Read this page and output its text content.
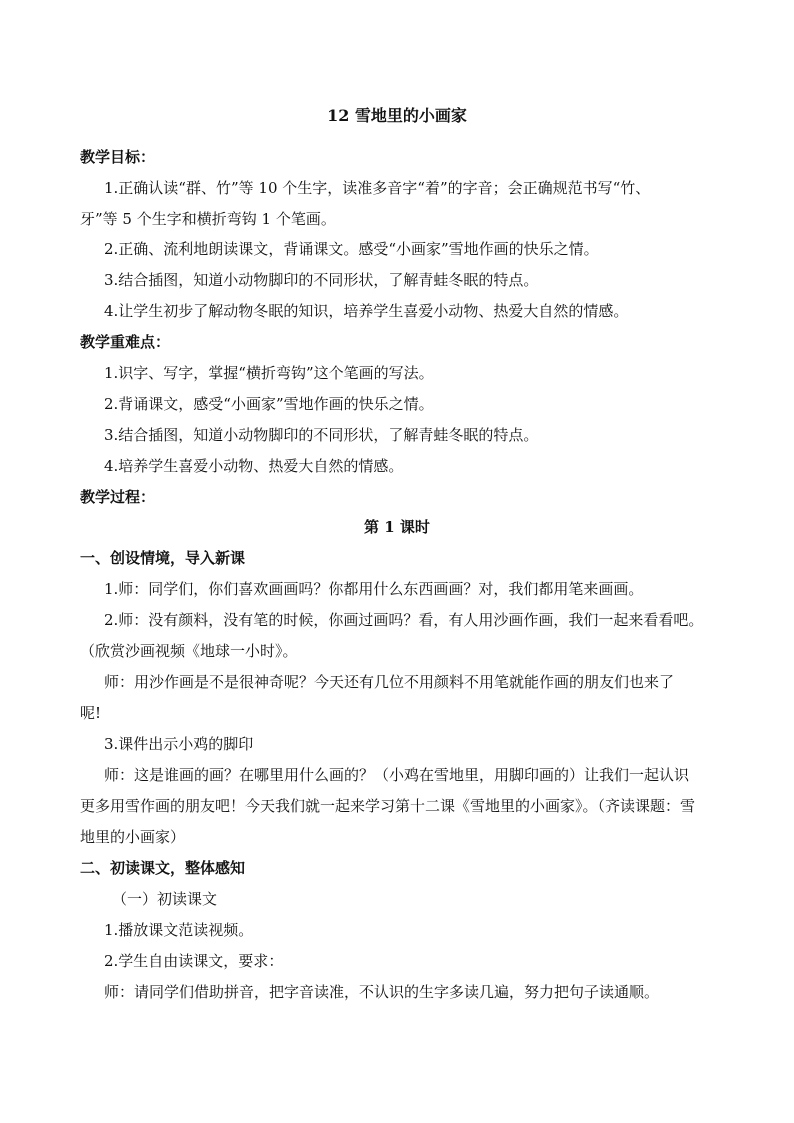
12 雪地里的小画家
教学目标：
1.正确认读“群、竹”等 10 个生字，读准多音字“着”的字音；会正确规范书写“竹、
牙”等 5 个生字和横折弯钩 1 个笔画。
2.正确、流利地朗读课文，背诵课文。感受“小画家”雪地作画的快乐之情。
3.结合插图，知道小动物脚印的不同形状，了解青蛙冬眠的特点。
4.让学生初步了解动物冬眠的知识，培养学生喜爱小动物、热爱大自然的情感。
教学重难点：
1.识字、写字，掌握“横折弯钩”这个笔画的写法。
2.背诵课文，感受“小画家”雪地作画的快乐之情。
3.结合插图，知道小动物脚印的不同形状，了解青蛙冬眠的特点。
4.培养学生喜爱小动物、热爱大自然的情感。
教学过程：
第 1 课时
一、创设情境，导入新课
1.师：同学们，你们喜欢画画吗？你都用什么东西画画？对，我们都用笔来画画。
2.师：没有颜料，没有笔的时候，你画过画吗？看，有人用沙画作画，我们一起来看看吧。
（欣赏沙画视频《地球一小时》。
师：用沙作画是不是很神奇呢？今天还有几位不用颜料不用笔就能作画的朋友们也来了
呢!
3.课件出示小鸡的脚印
师：这是谁画的画？在哪里用什么画的？（小鸡在雪地里，用脚印画的）让我们一起认识
更多用雪作画的朋友吧！今天我们就一起来学习第十二课《雪地里的小画家》。（齐读课题：雪
地里的小画家）
二、初读课文，整体感知
（一）初读课文
1.播放课文范读视频。
2.学生自由读课文，要求：
师：请同学们借助拼音，把字音读准，不认识的生字多读几遍，努力把句子读通顺。
